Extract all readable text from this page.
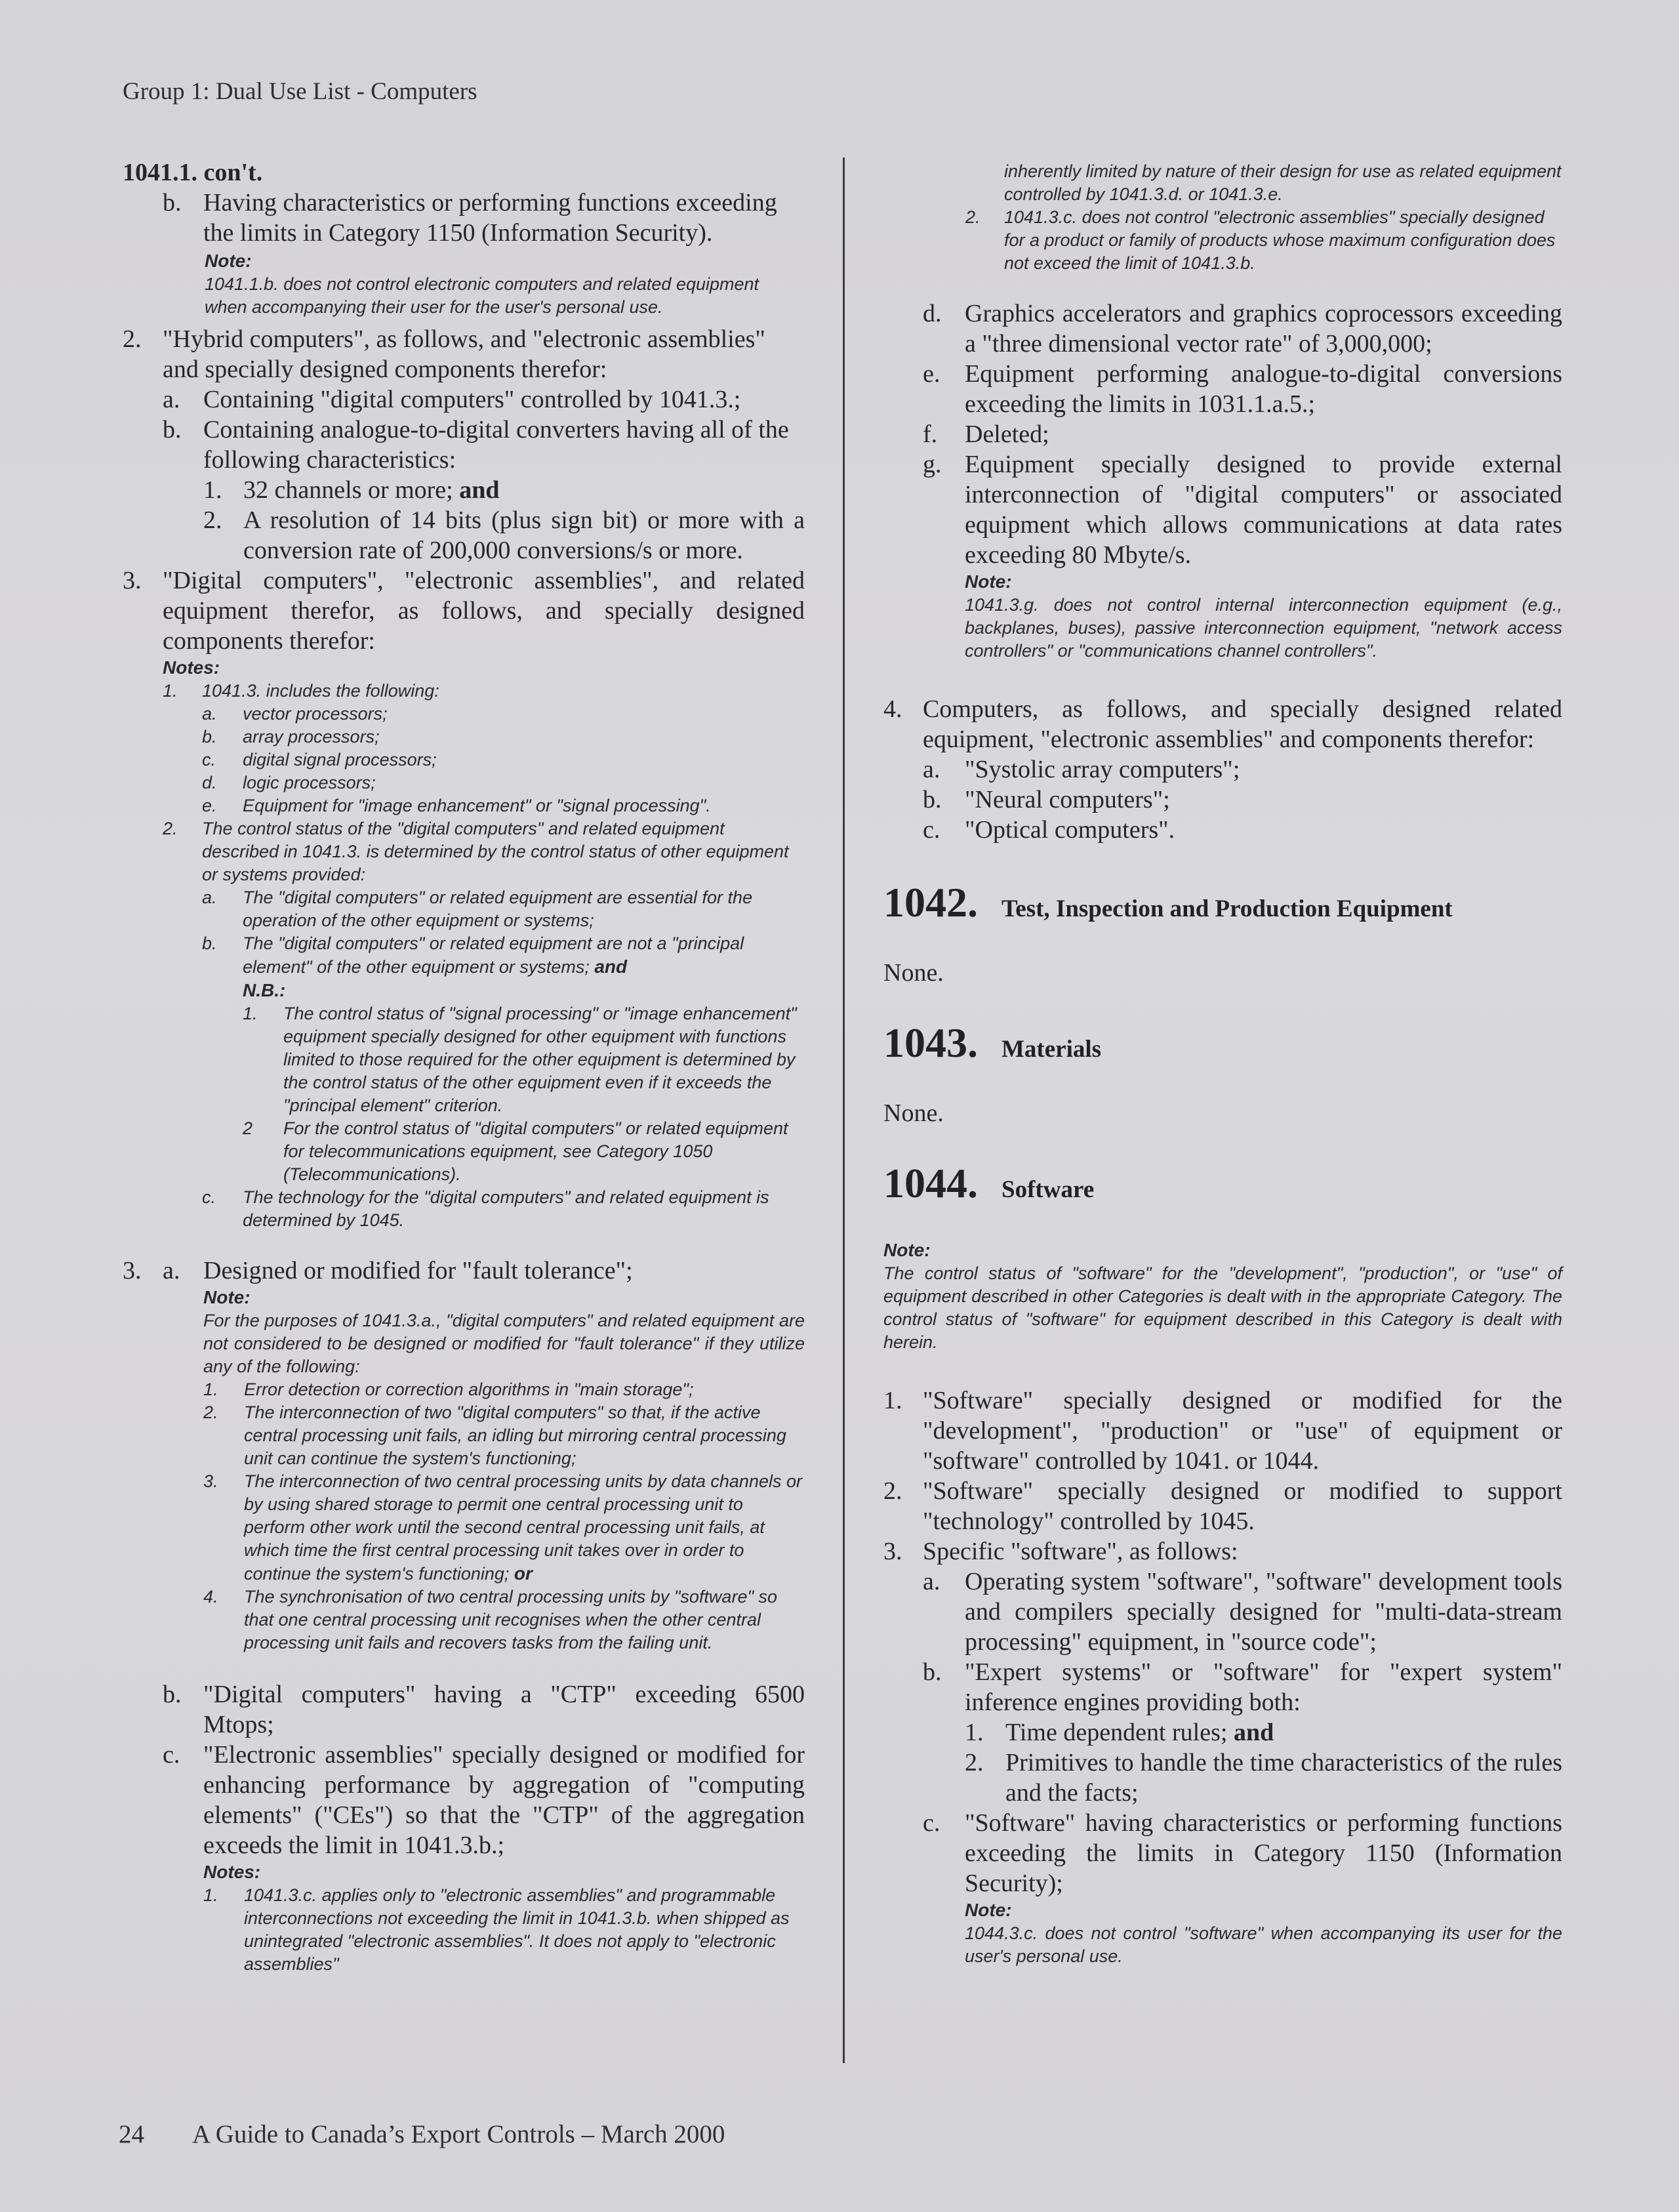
Group 1: Dual Use List - Computers
1041.1. con't.
b. Having characteristics or performing functions exceeding the limits in Category 1150 (Information Security).
Note:
1041.1.b. does not control electronic computers and related equipment when accompanying their user for the user's personal use.
2. "Hybrid computers", as follows, and "electronic assemblies" and specially designed components therefor:
a. Containing "digital computers" controlled by 1041.3.;
b. Containing analogue-to-digital converters having all of the following characteristics:
1. 32 channels or more; and
2. A resolution of 14 bits (plus sign bit) or more with a conversion rate of 200,000 conversions/s or more.
3. "Digital computers", "electronic assemblies", and related equipment therefor, as follows, and specially designed components therefor:
Notes:
1.	1041.3. includes the following:
a. vector processors;
b. array processors;
c. digital signal processors;
d. logic processors;
e. Equipment for "image enhancement" or "signal processing".
2. The control status of the "digital computers" and related equipment described in 1041.3. is determined by the control status of other equipment or systems provided:
a. The "digital computers" or related equipment are essential for the operation of the other equipment or systems;
b. The "digital computers" or related equipment are not a "principal element" of the other equipment or systems; and
N.B.:
1. The control status of "signal processing" or "image enhancement" equipment specially designed for other equipment with functions limited to those required for the other equipment is determined by the control status of the other equipment even if it exceeds the "principal element" criterion.
2 For the control status of "digital computers" or related equipment for telecommunications equipment, see Category 1050 (Telecommunications).
c. The technology for the "digital computers" and related equipment is determined by 1045.
3. a. Designed or modified for "fault tolerance";
Note:
For the purposes of 1041.3.a., "digital computers" and related equipment are not considered to be designed or modified for "fault tolerance" if they utilize any of the following:
1. Error detection or correction algorithms in "main storage";
2. The interconnection of two "digital computers" so that, if the active central processing unit fails, an idling but mirroring central processing unit can continue the system's functioning;
3. The interconnection of two central processing units by data channels or by using shared storage to permit one central processing unit to perform other work until the second central processing unit fails, at which time the first central processing unit takes over in order to continue the system's functioning; or
4. The synchronisation of two central processing units by "software" so that one central processing unit recognises when the other central processing unit fails and recovers tasks from the failing unit.
b. "Digital computers" having a "CTP" exceeding 6500 Mtops;
c. "Electronic assemblies" specially designed or modified for enhancing performance by aggregation of "computing elements" ("CEs") so that the "CTP" of the aggregation exceeds the limit in 1041.3.b.;
Notes:
1. 1041.3.c. applies only to "electronic assemblies" and programmable interconnections not exceeding the limit in 1041.3.b. when shipped as unintegrated "electronic assemblies". It does not apply to "electronic assemblies"
inherently limited by nature of their design for use as related equipment controlled by 1041.3.d. or 1041.3.e.
2. 1041.3.c. does not control "electronic assemblies" specially designed for a product or family of products whose maximum configuration does not exceed the limit of 1041.3.b.
d. Graphics accelerators and graphics coprocessors exceeding a "three dimensional vector rate" of 3,000,000;
e. Equipment performing analogue-to-digital conversions exceeding the limits in 1031.1.a.5.;
f. Deleted;
g. Equipment specially designed to provide external interconnection of "digital computers" or associated equipment which allows communications at data rates exceeding 80 Mbyte/s.
Note:
1041.3.g. does not control internal interconnection equipment (e.g., backplanes, buses), passive interconnection equipment, "network access controllers" or "communications channel controllers".
4. Computers, as follows, and specially designed related equipment, "electronic assemblies" and components therefor:
a. "Systolic array computers";
b. "Neural computers";
c. "Optical computers".
1042. Test, Inspection and Production Equipment
None.
1043. Materials
None.
1044. Software
Note:
The control status of "software" for the "development", "production", or "use" of equipment described in other Categories is dealt with in the appropriate Category. The control status of "software" for equipment described in this Category is dealt with herein.
1. "Software" specially designed or modified for the "development", "production" or "use" of equipment or "software" controlled by 1041. or 1044.
2. "Software" specially designed or modified to support "technology" controlled by 1045.
3. Specific "software", as follows:
a. Operating system "software", "software" development tools and compilers specially designed for "multi-data-stream processing" equipment, in "source code";
b. "Expert systems" or "software" for "expert system" inference engines providing both:
1. Time dependent rules; and
2. Primitives to handle the time characteristics of the rules and the facts;
c. "Software" having characteristics or performing functions exceeding the limits in Category 1150 (Information Security);
Note:
1044.3.c. does not control "software" when accompanying its user for the user's personal use.
24 A Guide to Canada’s Export Controls – March 2000
